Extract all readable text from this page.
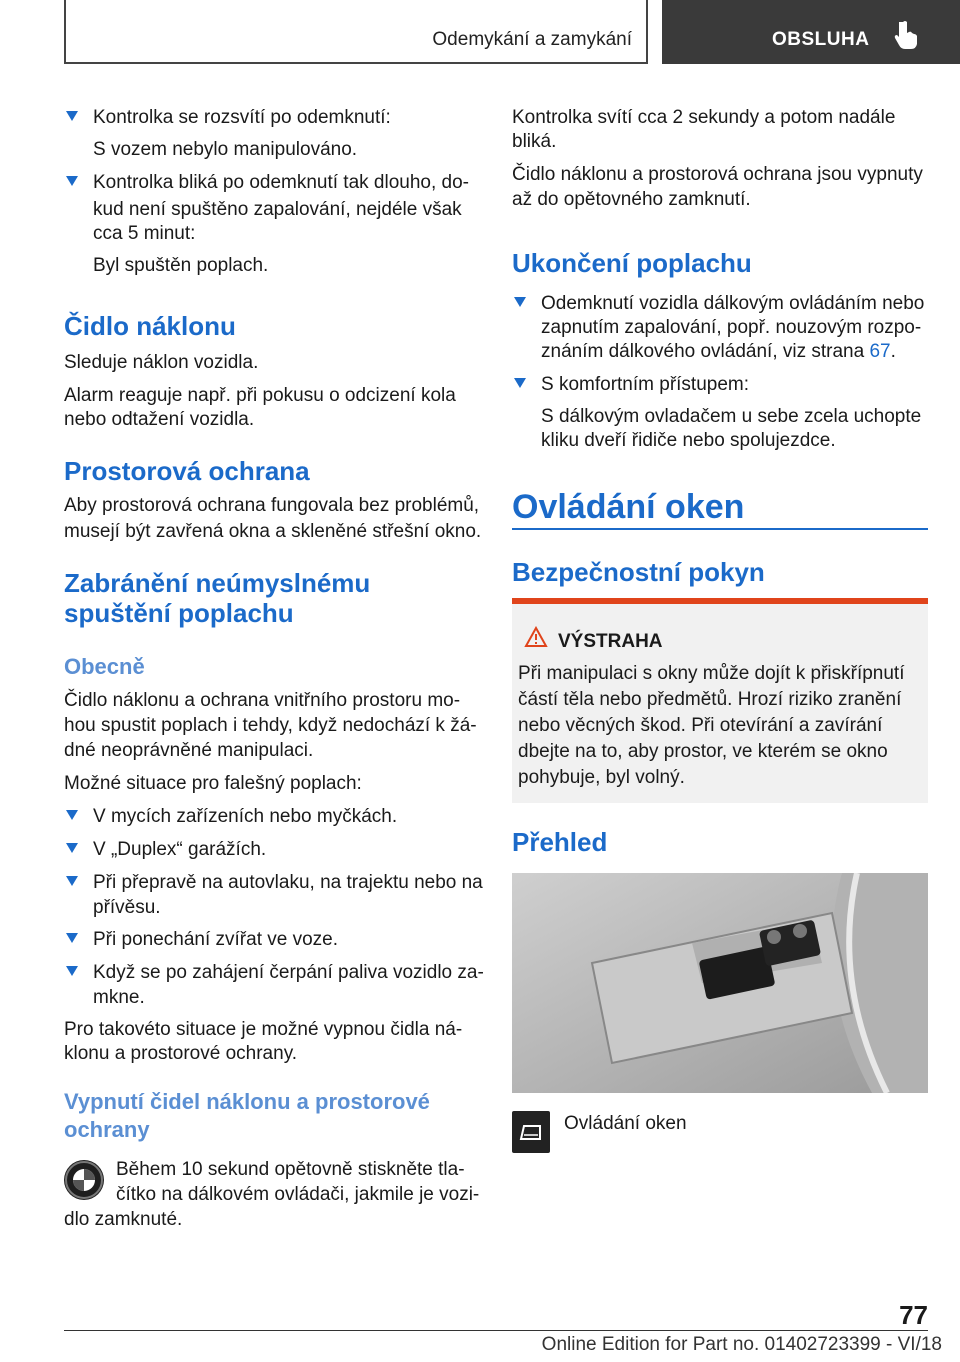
Odemykání a zamykání	OBSLUHA
Kontrolka se rozsvítí po odemknutí:
S vozem nebylo manipulováno.
Kontrolka bliká po odemknutí tak dlouho, do‐
kud není spuštěno zapalování, nejdéle však
cca 5 minut:
Byl spuštěn poplach.
Čidlo náklonu
Sleduje náklon vozidla.
Alarm reaguje např. při pokusu o odcizení kola
nebo odtažení vozidla.
Prostorová ochrana
Aby prostorová ochrana fungovala bez problémů,
musejí být zavřená okna a skleněné střešní okno.
Zabránění neúmyslnému
spuštění poplachu
Obecně
Čidlo náklonu a ochrana vnitřního prostoru mo‐
hou spustit poplach i tehdy, když nedochází k žá‐
dné neoprávněné manipulaci.
Možné situace pro falešný poplach:
V mycích zařízeních nebo myčkách.
V „Duplex“ garážích.
Při přepravě na autovlaku, na trajektu nebo na
přívěsu.
Při ponechání zvířat ve voze.
Když se po zahájení čerpání paliva vozidlo za‐
mkne.
Pro takovéto situace je možné vypnou čidla ná‐
klonu a prostorové ochrany.
Vypnutí čidel náklonu a prostorové
ochrany
Během 10 sekund opětovně stiskněte tla‐
čítko na dálkovém ovládači, jakmile je vozi‐
dlo zamknuté.
Kontrolka svítí cca 2 sekundy a potom nadále
bliká.
Čidlo náklonu a prostorová ochrana jsou vypnuty
až do opětovného zamknutí.
Ukončení poplachu
Odemknutí vozidla dálkovým ovládáním nebo
zapnutím zapalování, popř. nouzovým rozpo‐
znáním dálkového ovládání, viz strana 67.
S komfortním přístupem:
S dálkovým ovladačem u sebe zcela uchopte
kliku dveří řidiče nebo spolujezdce.
Ovládání oken
Bezpečnostní pokyn
VÝSTRAHA
Při manipulaci s okny může dojít k přiskřípnutí
částí těla nebo předmětů. Hrozí riziko zranění
nebo věcných škod. Při otevírání a zavírání
dbejte na to, aby prostor, ve kterém se okno
pohybuje, byl volný.
Přehled
Ovládání oken
77
Online Edition for Part no. 01402723399 - VI/18
